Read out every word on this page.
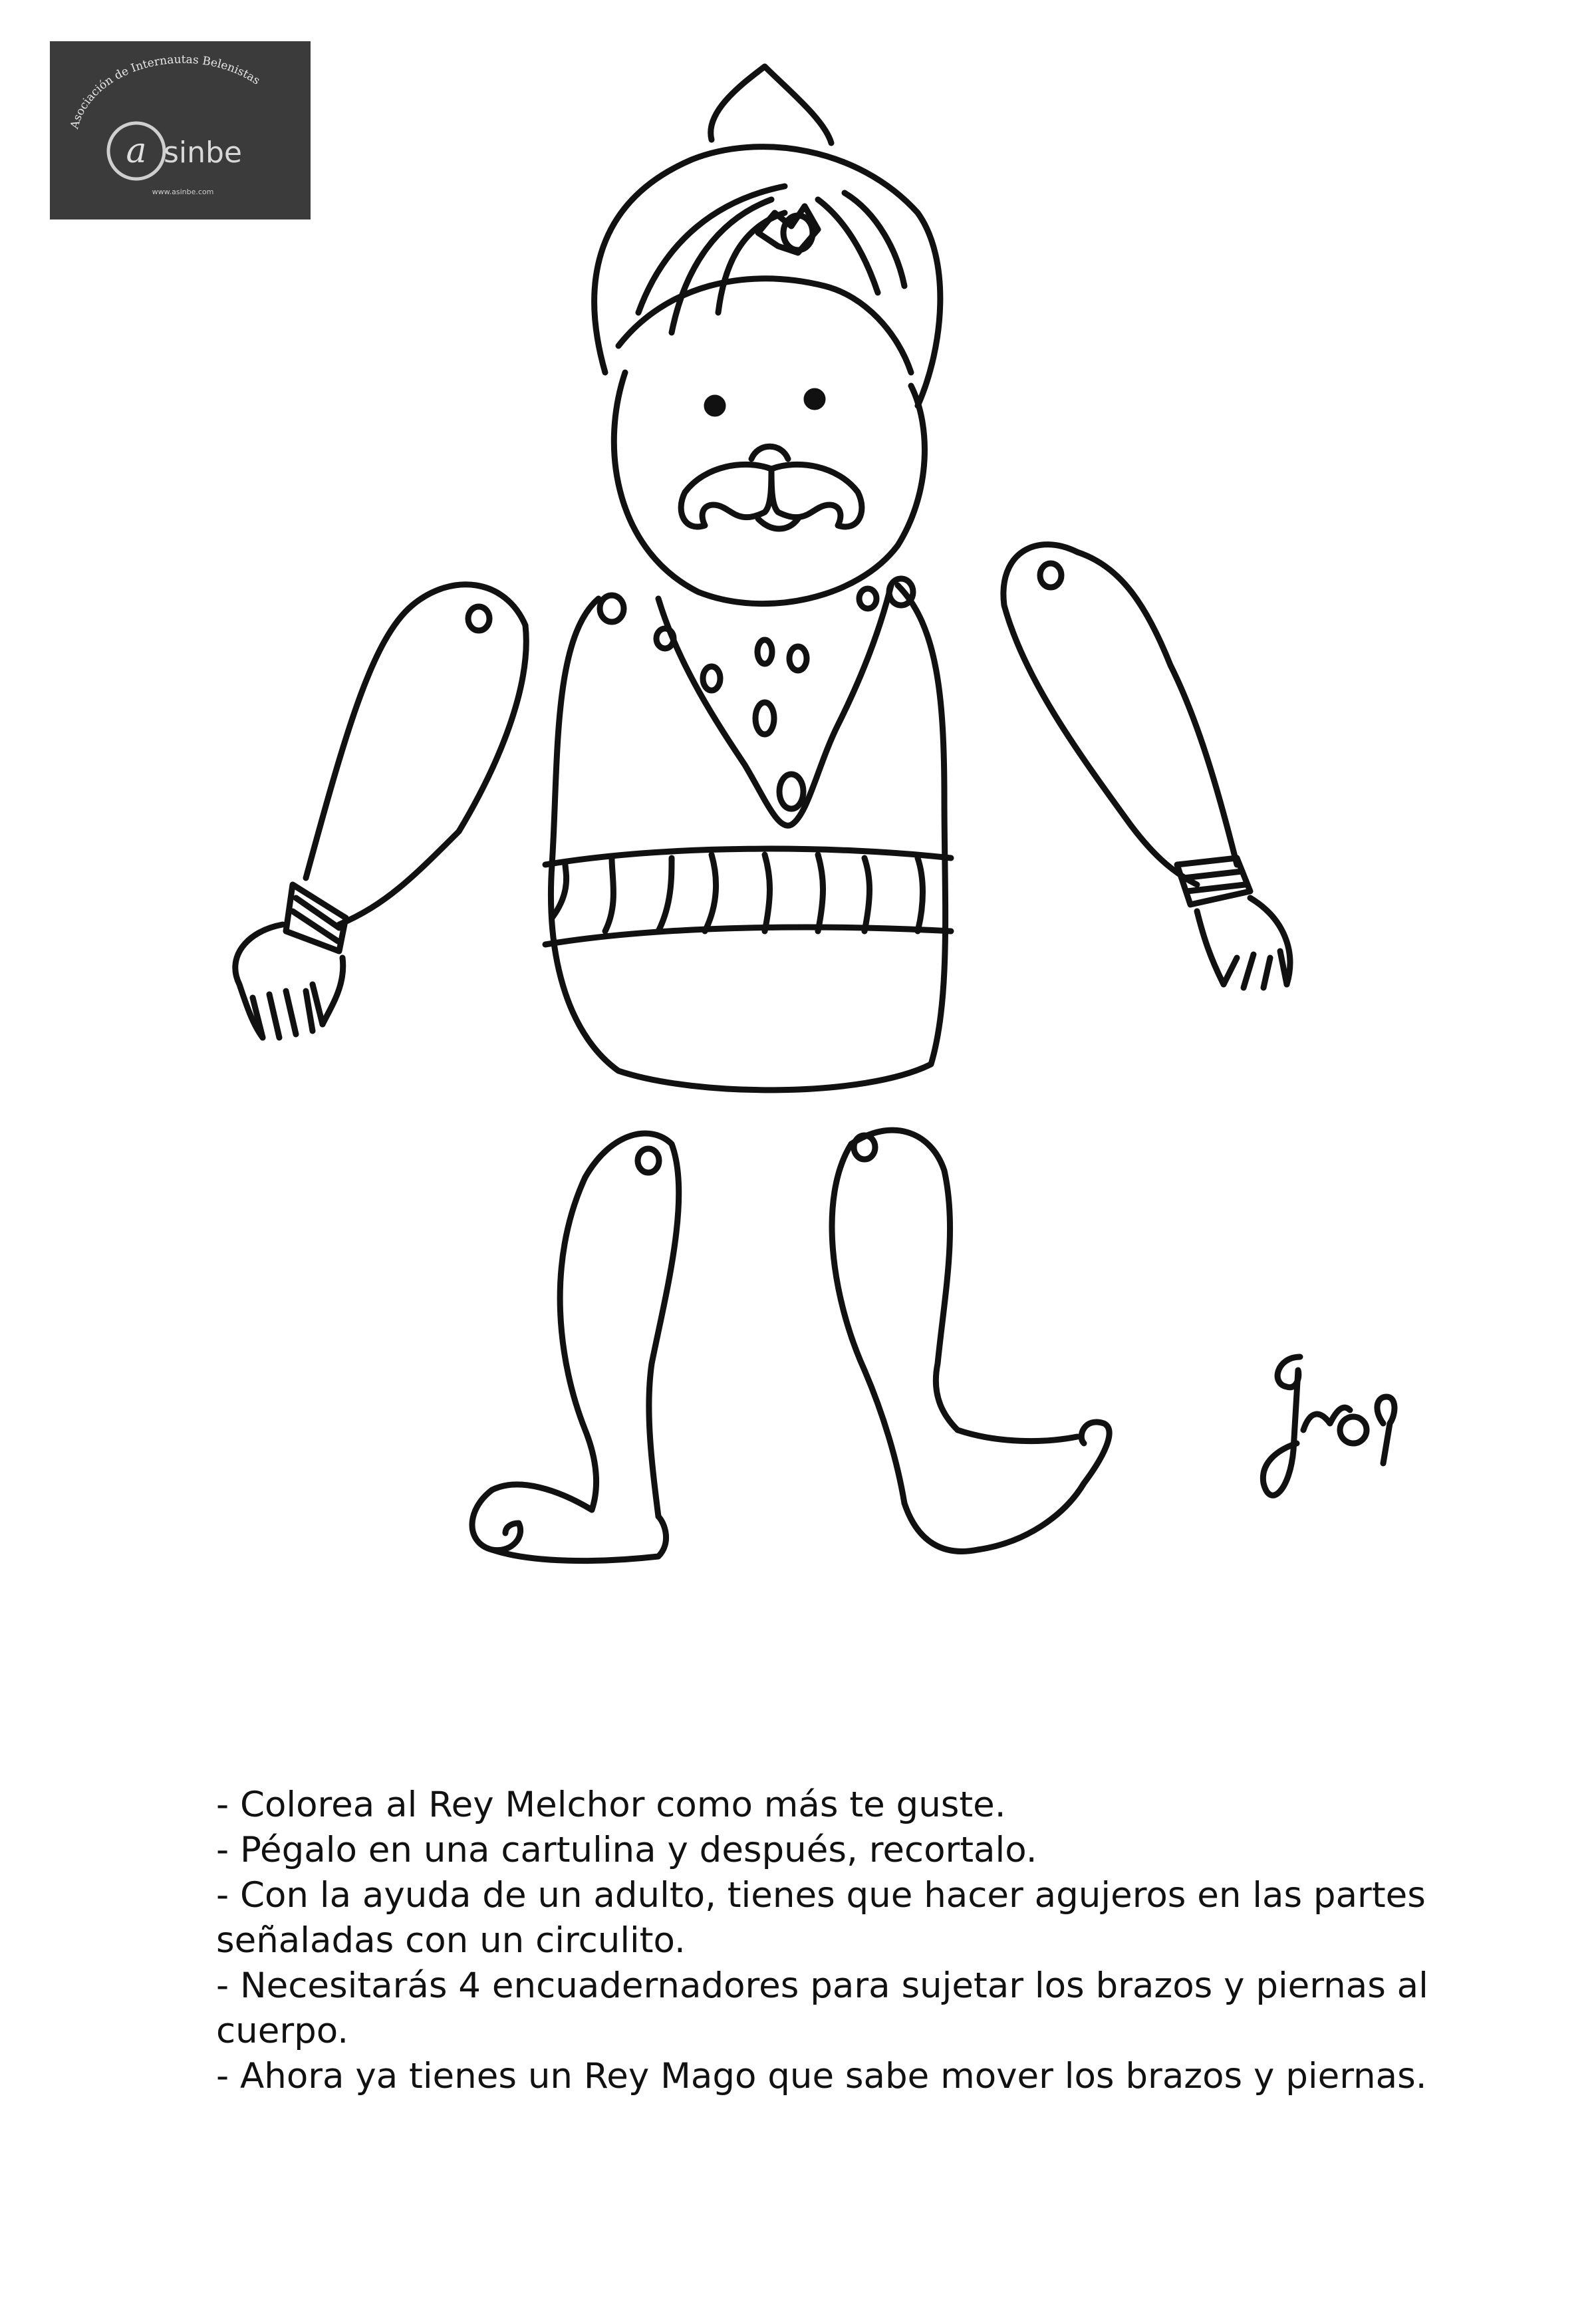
Asociación de Internautas Belenistas
a sinbe
www.asinbe.com

- Colorea al Rey Melchor como más te guste.

- Pégalo en una cartulina y después, recortalo.

- Con la ayuda de un adulto, tienes que hacer agujeros en las partes señaladas con un circulito.

- Necesitarás 4 encuadernadores para sujetar los brazos y piernas al cuerpo.

- Ahora ya tienes un Rey Mago que sabe mover los brazos y piernas.
